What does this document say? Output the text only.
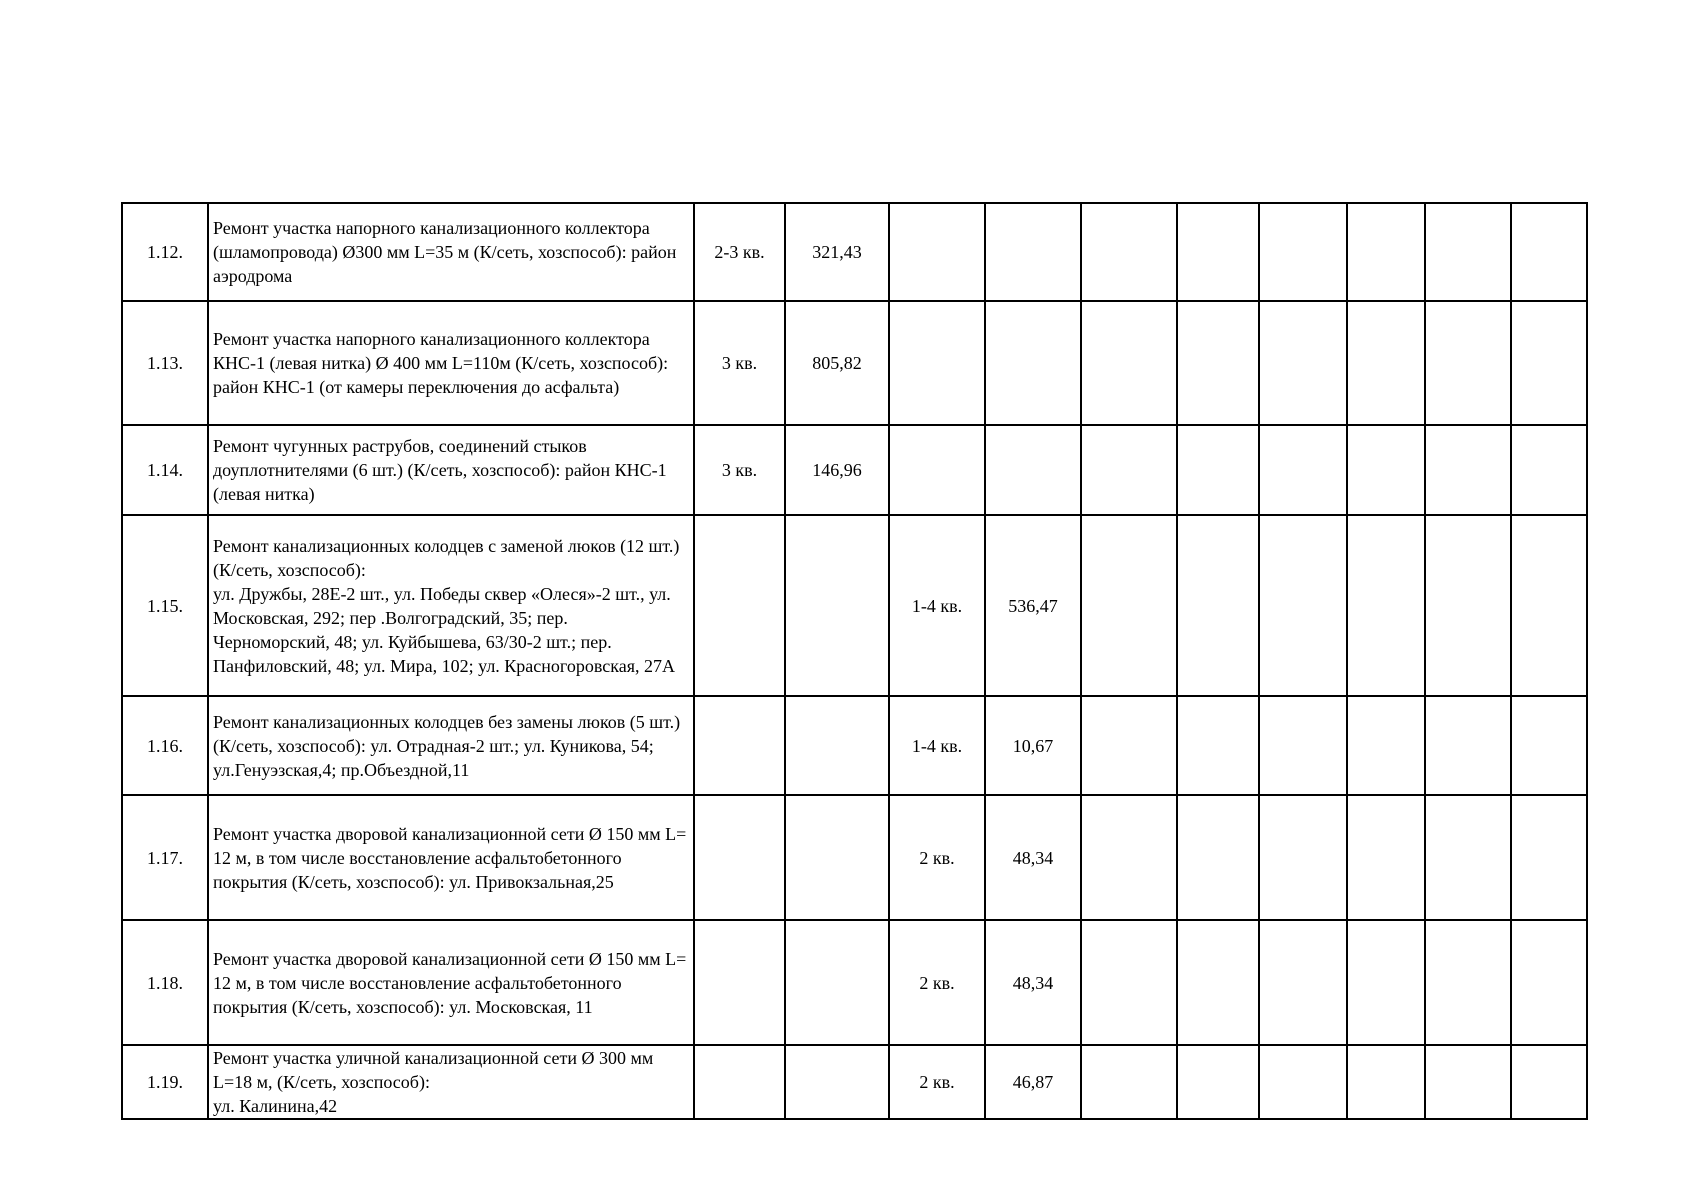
1.12.	Ремонт участка напорного канализационного коллектора (шламопровода) Ø300 мм L=35 м (К/сеть, хозспособ): район аэродрома	2-3 кв.	321,43								
1.13.	Ремонт участка напорного канализационного коллектора КНС-1 (левая нитка) Ø 400 мм L=110м (К/сеть, хозспособ): район КНС-1 (от камеры переключения до асфальта)	3 кв.	805,82								
1.14.	Ремонт чугунных раструбов, соединений стыков доуплотнителями (6 шт.) (К/сеть, хозспособ): район КНС-1 (левая нитка)	3 кв.	146,96								
1.15.	Ремонт канализационных колодцев с заменой люков (12 шт.) (К/сеть, хозспособ):
ул. Дружбы, 28Е-2 шт., ул. Победы сквер «Олеся»-2 шт., ул. Московская, 292; пер .Волгоградский, 35; пер. Черноморский, 48; ул. Куйбышева, 63/30-2 шт.; пер. Панфиловский, 48; ул. Мира, 102; ул. Красногоровская, 27А			1-4 кв.	536,47						
1.16.	Ремонт канализационных колодцев без замены люков (5 шт.) (К/сеть, хозспособ): ул. Отрадная-2 шт.; ул. Куникова, 54; ул.Генуэзская,4; пр.Объездной,11			1-4 кв.	10,67						
1.17.	Ремонт участка дворовой канализационной сети Ø 150 мм L= 12 м, в том числе восстановление асфальтобетонного покрытия (К/сеть, хозспособ): ул. Привокзальная,25			2 кв.	48,34						
1.18.	Ремонт участка дворовой канализационной сети Ø 150 мм L= 12 м, в том числе восстановление асфальтобетонного покрытия (К/сеть, хозспособ): ул. Московская, 11			2 кв.	48,34						
1.19.	Ремонт участка уличной канализационной сети Ø 300 мм L=18 м, (К/сеть, хозспособ):
ул. Калинина,42			2 кв.	46,87						
